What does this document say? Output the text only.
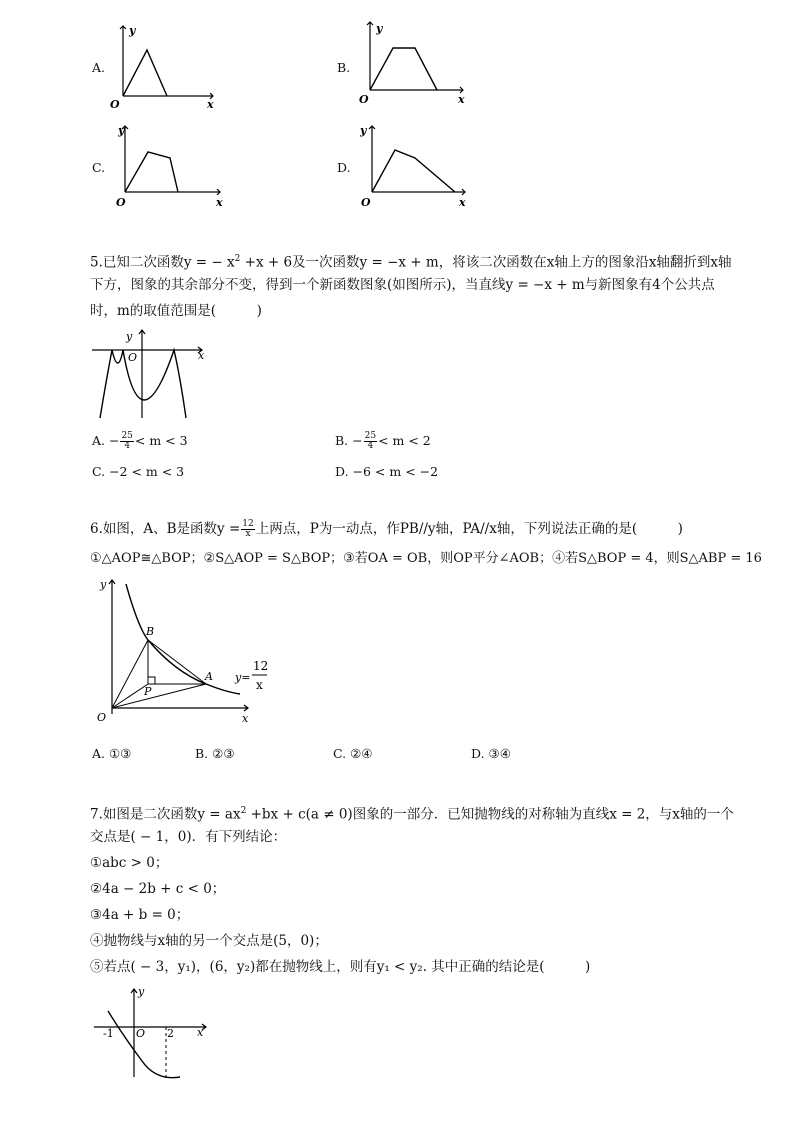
A.
y
x
O
B.
y
x
O
C.
y
x
O
D.
y
x
O
5.已知二次函数y = − $x^2 +x + 6$及一次函数y = −x + m，将该二次函数在x轴上方的图象沿x轴翻折到x轴
下方，图象的其余部分不变，得到一个新函数图象(如图所示)，当直线y = −x + m与新图象有4个公共点
时，m的取值范围是(　　　)
y
x
O
A. − $\frac{25}{4} < m < 3$	B. − $\frac{25}{4} < m < 2$
C. −2 < m < 3	D. −6 < m < −2
6.如图，A、B是函数$y = \frac{12}{x}$ 上两点，P为一动点，作PB//y轴，PA//x轴，下列说法正确的是(　　　)
①△AOP≅△BOP；②S△AOP = S△BOP；③若OA = OB，则OP平分∠AOB；④若S△BOP = 4，则S△ABP = 16
B
A
P
y
x
O
y=
12
x
A. ①③	B. ②③	C. ②④	D. ③④
7.如图是二次函数$y = ax^2 +bx + c(a \ne 0)$图象的一部分．已知抛物线的对称轴为直线x = 2，与x轴的一个
交点是( − 1，0)．有下列结论：
①abc > 0；
②4a − 2b + c < 0；
③4a + b = 0；
④抛物线与x轴的另一个交点是(5，0)；
⑤若点( − 3，y₁)，(6，y₂)都在抛物线上，则有y₁ < y₂. 其中正确的结论是(　　　)
y
x
O
-1	2
